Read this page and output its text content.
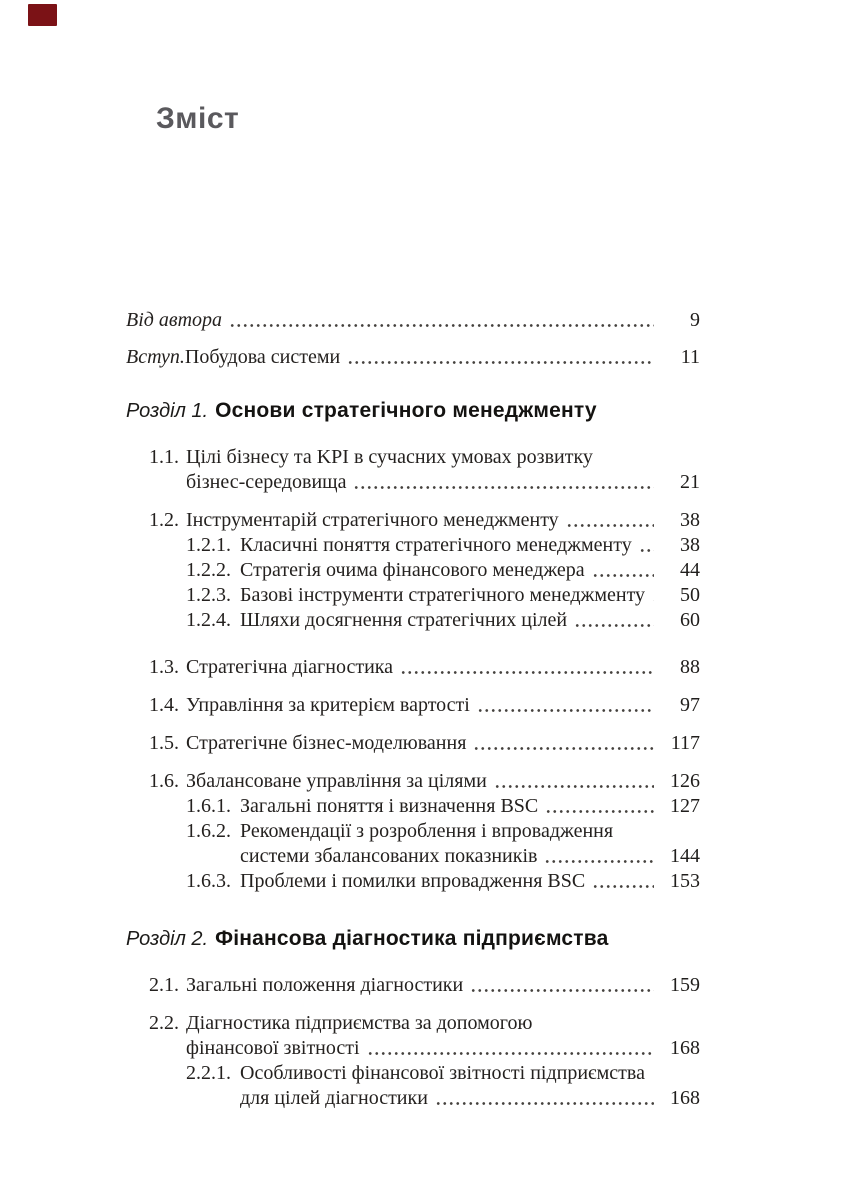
Зміст
Від автора	9
Вступ. Побудова системи	11
Розділ 1. Основи стратегічного менеджменту
1.1. Цілі бізнесу та KPI в сучасних умовах розвитку
бізнес-середовища	21
1.2. Інструментарій стратегічного менеджменту	38
1.2.1. Класичні поняття стратегічного менеджменту	38
1.2.2. Стратегія очима фінансового менеджера	44
1.2.3. Базові інструменти стратегічного менеджменту	50
1.2.4. Шляхи досягнення стратегічних цілей	60
1.3. Стратегічна діагностика	88
1.4. Управління за критерієм вартості	97
1.5. Стратегічне бізнес-моделювання	117
1.6. Збалансоване управління за цілями	126
1.6.1. Загальні поняття і визначення BSC	127
1.6.2. Рекомендації з розроблення і впровадження
системи збалансованих показників	144
1.6.3. Проблеми і помилки впровадження BSC	153
Розділ 2. Фінансова діагностика підприємства
2.1. Загальні положення діагностики	159
2.2. Діагностика підприємства за допомогою
фінансової звітності	168
2.2.1. Особливості фінансової звітності підприємства
для цілей діагностики	168
